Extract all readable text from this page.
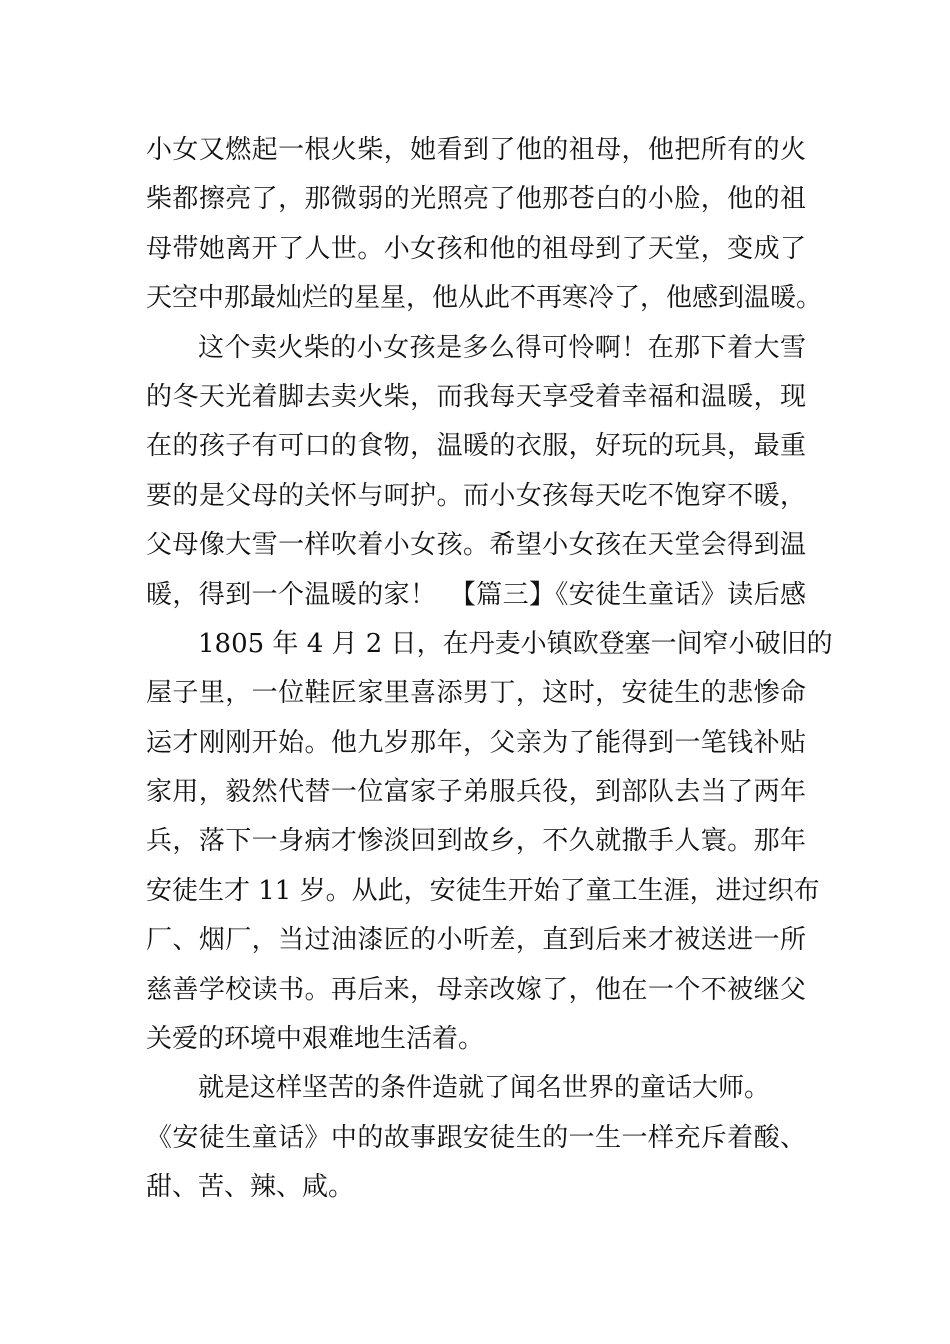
小女又燃起一根火柴，她看到了他的祖母，他把所有的火
柴都擦亮了，那微弱的光照亮了他那苍白的小脸，他的祖
母带她离开了人世。小女孩和他的祖母到了天堂，变成了
天空中那最灿烂的星星，他从此不再寒冷了，他感到温暖。
这个卖火柴的小女孩是多么得可怜啊！在那下着大雪
的冬天光着脚去卖火柴，而我每天享受着幸福和温暖，现
在的孩子有可口的食物，温暖的衣服，好玩的玩具，最重
要的是父母的关怀与呵护。而小女孩每天吃不饱穿不暖，
父母像大雪一样吹着小女孩。希望小女孩在天堂会得到温
暖，得到一个温暖的家！　【篇三】《安徒生童话》读后感
1805 年 4 月 2 日，在丹麦小镇欧登塞一间窄小破旧的
屋子里，一位鞋匠家里喜添男丁，这时，安徒生的悲惨命
运才刚刚开始。他九岁那年，父亲为了能得到一笔钱补贴
家用，毅然代替一位富家子弟服兵役，到部队去当了两年
兵，落下一身病才惨淡回到故乡，不久就撒手人寰。那年
安徒生才 11 岁。从此，安徒生开始了童工生涯，进过织布
厂、烟厂，当过油漆匠的小听差，直到后来才被送进一所
慈善学校读书。再后来，母亲改嫁了，他在一个不被继父
关爱的环境中艰难地生活着。
就是这样坚苦的条件造就了闻名世界的童话大师。
《安徒生童话》中的故事跟安徒生的一生一样充斥着酸、
甜、苦、辣、咸。
